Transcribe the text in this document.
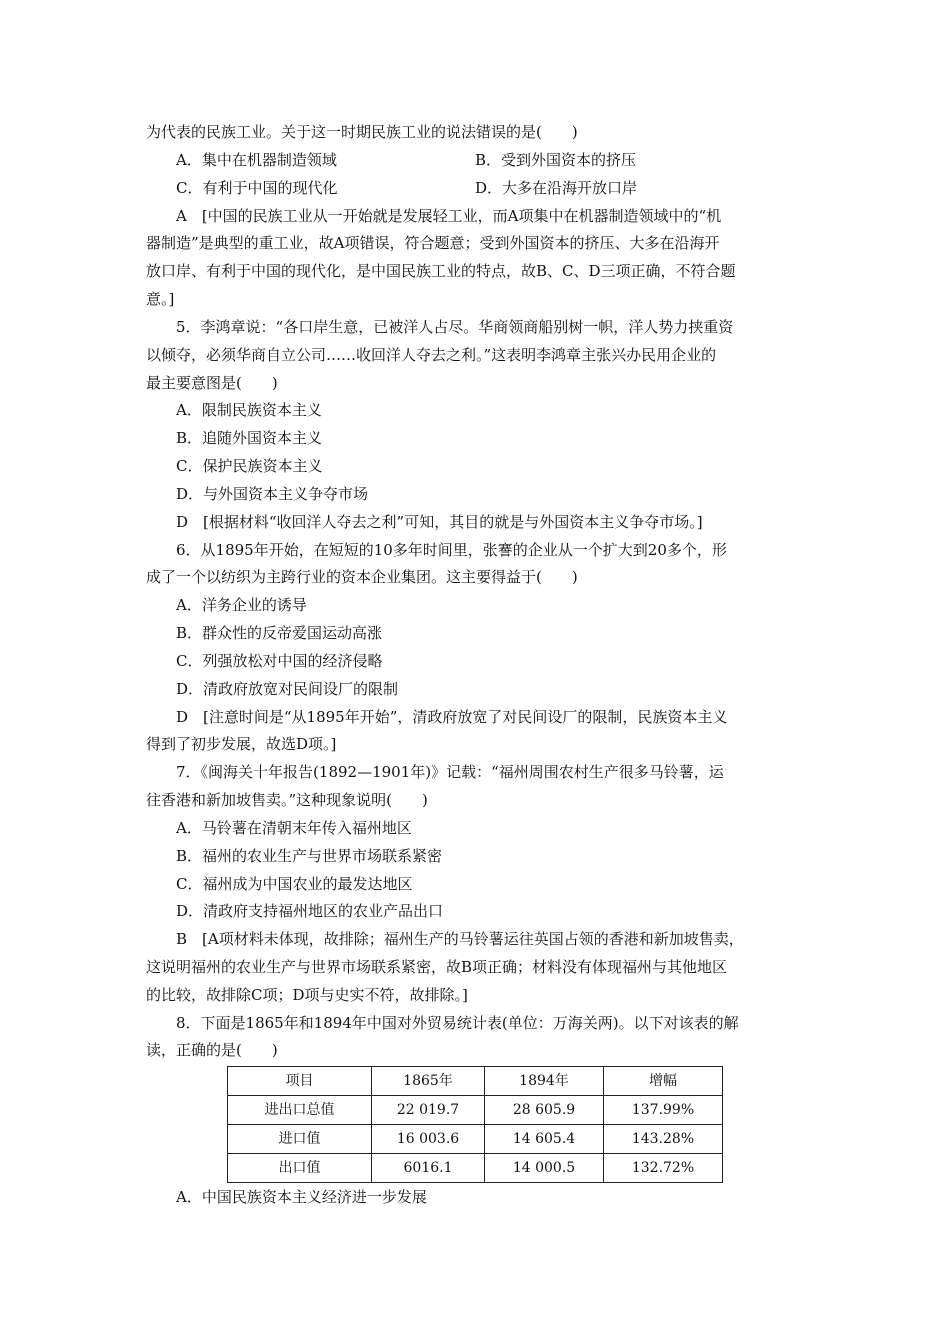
为代表的民族工业。关于这一时期民族工业的说法错误的是(　　)
A．集中在机器制造领域	B．受到外国资本的挤压
C．有利于中国的现代化	D．大多在沿海开放口岸
A　[中国的民族工业从一开始就是发展轻工业，而A项集中在机器制造领域中的“机
器制造”是典型的重工业，故A项错误，符合题意；受到外国资本的挤压、大多在沿海开
放口岸、有利于中国的现代化，是中国民族工业的特点，故B、C、D三项正确，不符合题
意。]
5．李鸿章说：“各口岸生意，已被洋人占尽。华商领商船别树一帜，洋人势力挟重资
以倾夺，必须华商自立公司……收回洋人夺去之利。”这表明李鸿章主张兴办民用企业的
最主要意图是(　　)
A．限制民族资本主义
B．追随外国资本主义
C．保护民族资本主义
D．与外国资本主义争夺市场
D　[根据材料“收回洋人夺去之利”可知，其目的就是与外国资本主义争夺市场。]
6．从1895年开始，在短短的10多年时间里，张謇的企业从一个扩大到20多个，形
成了一个以纺织为主跨行业的资本企业集团。这主要得益于(　　)
A．洋务企业的诱导
B．群众性的反帝爱国运动高涨
C．列强放松对中国的经济侵略
D．清政府放宽对民间设厂的限制
D　[注意时间是“从1895年开始”，清政府放宽了对民间设厂的限制，民族资本主义
得到了初步发展，故选D项。]
7．《闽海关十年报告(1892—1901年)》记载：“福州周围农村生产很多马铃薯，运
往香港和新加坡售卖。”这种现象说明(　　)
A．马铃薯在清朝末年传入福州地区
B．福州的农业生产与世界市场联系紧密
C．福州成为中国农业的最发达地区
D．清政府支持福州地区的农业产品出口
B　[A项材料未体现，故排除；福州生产的马铃薯运往英国占领的香港和新加坡售卖，
这说明福州的农业生产与世界市场联系紧密，故B项正确；材料没有体现福州与其他地区
的比较，故排除C项；D项与史实不符，故排除。]
8．下面是1865年和1894年中国对外贸易统计表(单位：万海关两)。以下对该表的解
读，正确的是(　　)
项目	1865年	1894年	增幅
进出口总值	22 019.7	28 605.9	137.99%
进口值	16 003.6	14 605.4	143.28%
出口值	6016.1	14 000.5	132.72%
A．中国民族资本主义经济进一步发展
